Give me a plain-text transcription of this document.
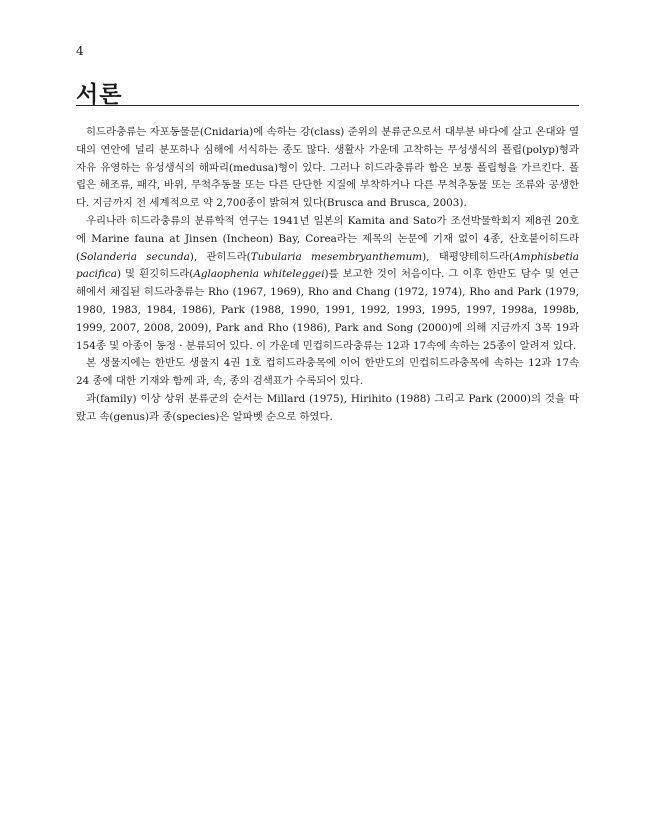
4
서론

히드라충류는 자포동물문(Cnidaria)에 속하는 강(class) 준위의 분류군으로서 대부분 바다에 살고 온대와 열대의 연안에 널리 분포하나 심해에 서식하는 종도 많다. 생활사 가운데 고착하는 무성생식의 폴립(polyp)형과 자유 유영하는 유성생식의 해파리(medusa)형이 있다. 그러나 히드라충류라 함은 보통 폴립형을 가르킨다. 폴립은 해조류, 패각, 바위, 무척추동물 또는 다른 단단한 지질에 부착하거나 다른 무척추동물 또는 조류와 공생한다. 지금까지 전 세계적으로 약 2,700종이 밝혀져 있다(Brusca and Brusca, 2003).

우리나라 히드라충류의 분류학적 연구는 1941년 일본의 Kamita and Sato가 조선박물학회지 제8권 20호에 Marine fauna at Jinsen (Incheon) Bay, Corea라는 제목의 논문에 기재 없이 4종, 산호붙이히드라(Solanderia secunda), 관히드라(Tubularia mesembryanthemum), 태평양테히드라(Amphisbetia pacifica) 및 흰깃히드라(Aglaophenia whiteleggei)를 보고한 것이 처음이다. 그 이후 한반도 담수 및 연근해에서 채집된 히드라충류는 Rho (1967, 1969), Rho and Chang (1972, 1974), Rho and Park (1979, 1980, 1983, 1984, 1986), Park (1988, 1990, 1991, 1992, 1993, 1995, 1997, 1998a, 1998b, 1999, 2007, 2008, 2009), Park and Rho (1986), Park and Song (2000)에 의해 지금까지 3목 19과 154종 및 아종이 동정 · 분류되어 있다. 이 가운데 민컵히드라충류는 12과 17속에 속하는 25종이 알려져 있다.

본 생물지에는 한반도 생물지 4권 1호 컵히드라충목에 이어 한반도의 민컵히드라충목에 속하는 12과 17속 24 종에 대한 기재와 함께 과, 속, 종의 검색표가 수록되어 있다.

과(family) 이상 상위 분류군의 순서는 Millard (1975), Hirihito (1988) 그리고 Park (2000)의 것을 따랐고 속(genus)과 종(species)은 알파벳 순으로 하였다.
